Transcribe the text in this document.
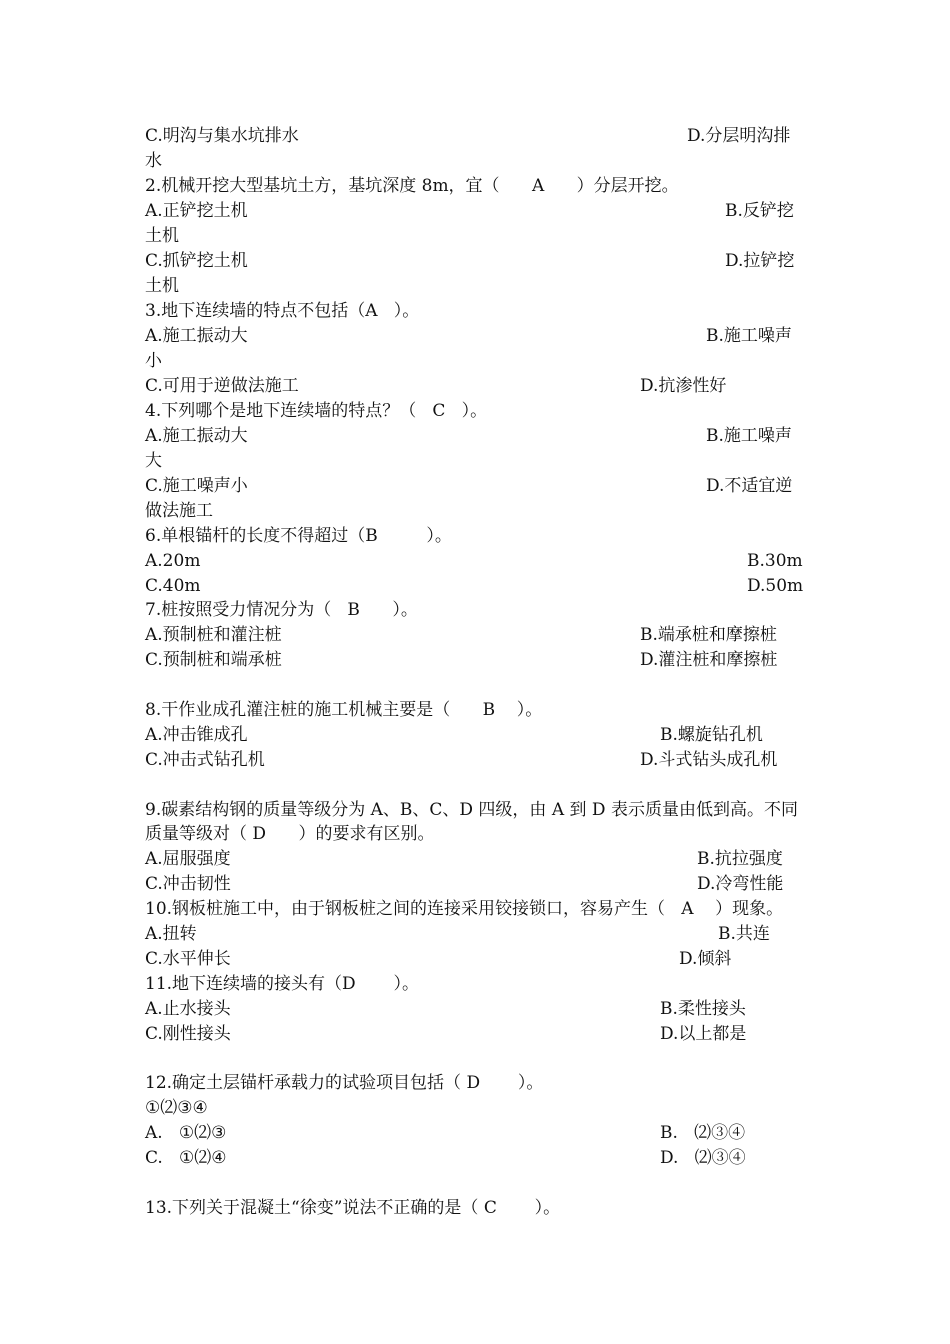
C.明沟与集水坑排水	D.分层明沟排
水
2.机械开挖大型基坑土方，基坑深度 8m，宜（      A      ）分层开挖。
A.正铲挖土机	B.反铲挖
土机
C.抓铲挖土机	D.拉铲挖
土机
3.地下连续墙的特点不包括（A   ）。
A.施工振动大	B.施工噪声
小
C.可用于逆做法施工	D.抗渗性好
4.下列哪个是地下连续墙的特点？（   C   ）。
A.施工振动大	B.施工噪声
大
C.施工噪声小	D.不适宜逆
做法施工
6.单根锚杆的长度不得超过（B         ）。
A.20m	B.30m
C.40m	D.50m
7.桩按照受力情况分为（   B      ）。
A.预制桩和灌注桩	B.端承桩和摩擦桩
C.预制桩和端承桩	D.灌注桩和摩擦桩
8.干作业成孔灌注桩的施工机械主要是（      B    ）。
A.冲击锥成孔	B.螺旋钻孔机
C.冲击式钻孔机	D.斗式钻头成孔机
9.碳素结构钢的质量等级分为 A、B、C、D 四级，由 A 到 D 表示质量由低到高。不同
质量等级对（ D      ）的要求有区别。
A.屈服强度	B.抗拉强度
C.冲击韧性	D.冷弯性能
10.钢板桩施工中，由于钢板桩之间的连接采用铰接锁口，容易产生（   A    ）现象。
A.扭转	B.共连
C.水平伸长	D.倾斜
11.地下连续墙的接头有（D       ）。
A.止水接头	B.柔性接头
C.刚性接头	D.以上都是
12.确定土层锚杆承载力的试验项目包括（ D       ）。
①⑵③④
A.   ①⑵③	B.   ⑵③④
C.   ①⑵④	D.   ⑵③④
13.下列关于混凝土“徐变”说法不正确的是（ C       ）。
